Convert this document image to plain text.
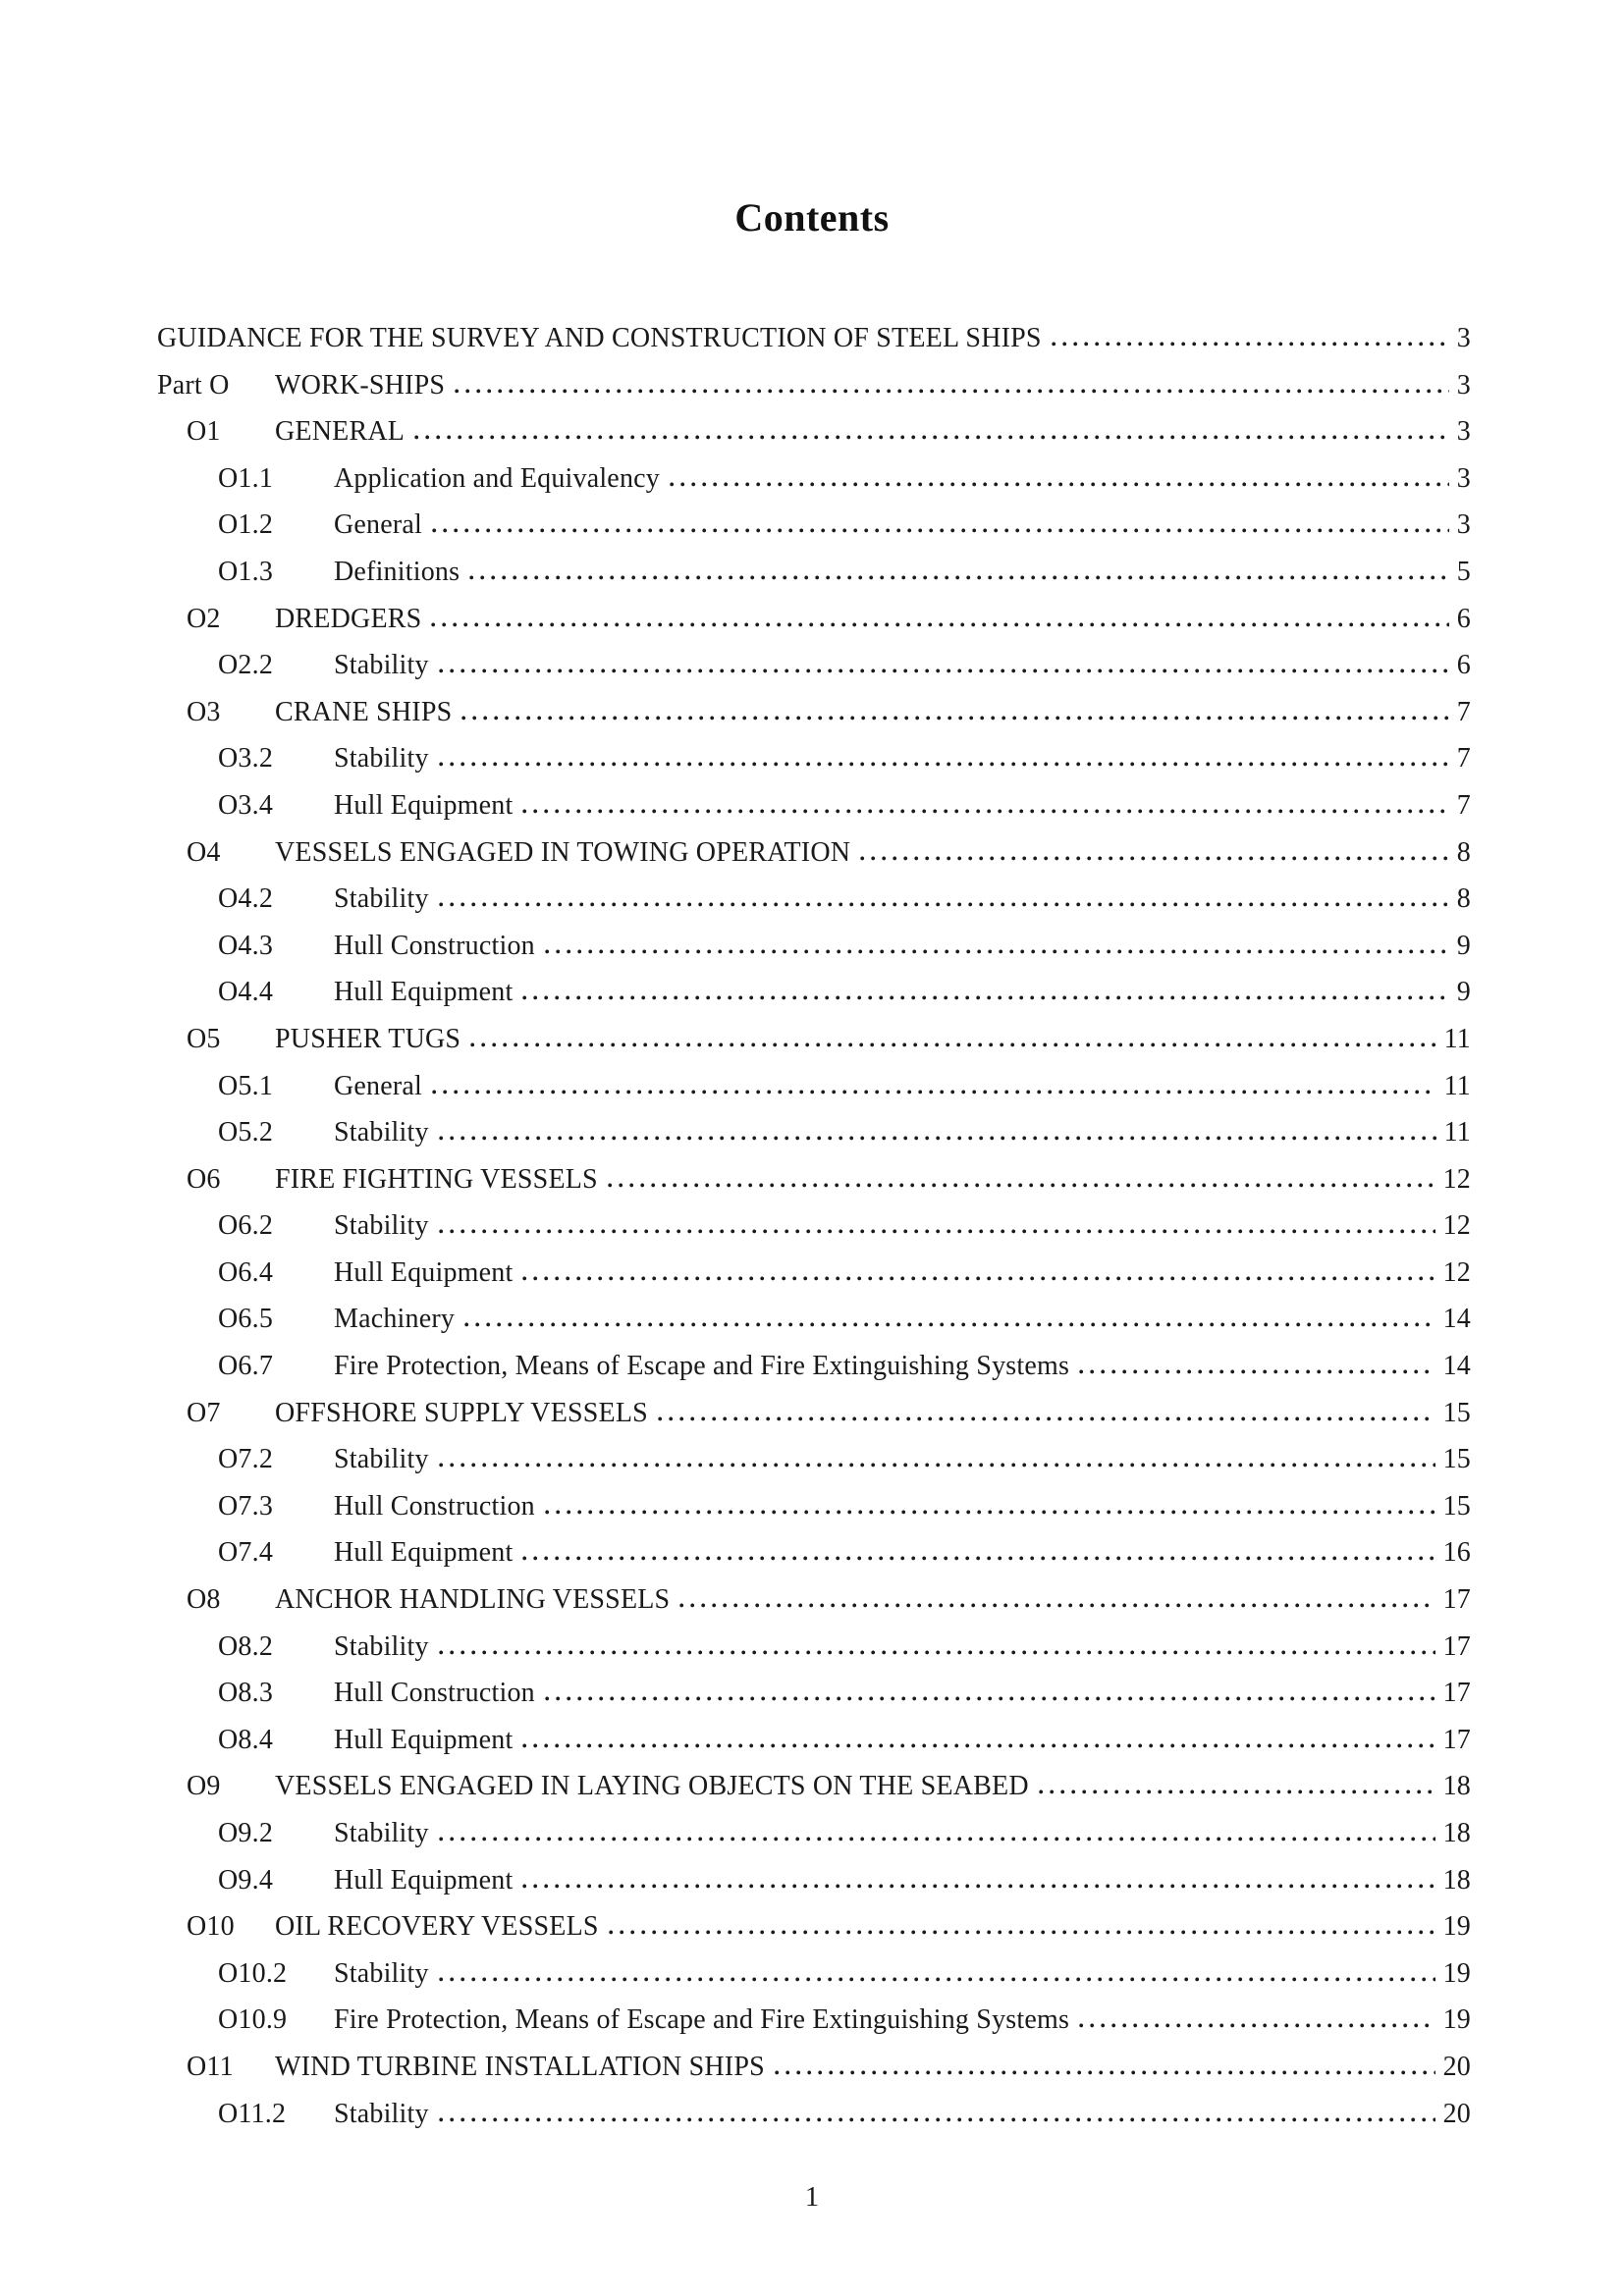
Contents
GUIDANCE FOR THE SURVEY AND CONSTRUCTION OF STEEL SHIPS	3
Part O	WORK-SHIPS	3
O1	GENERAL	3
O1.1	Application and Equivalency	3
O1.2	General	3
O1.3	Definitions	5
O2	DREDGERS	6
O2.2	Stability	6
O3	CRANE SHIPS	7
O3.2	Stability	7
O3.4	Hull Equipment	7
O4	VESSELS ENGAGED IN TOWING OPERATION	8
O4.2	Stability	8
O4.3	Hull Construction	9
O4.4	Hull Equipment	9
O5	PUSHER TUGS	11
O5.1	General	11
O5.2	Stability	11
O6	FIRE FIGHTING VESSELS	12
O6.2	Stability	12
O6.4	Hull Equipment	12
O6.5	Machinery	14
O6.7	Fire Protection, Means of Escape and Fire Extinguishing Systems	14
O7	OFFSHORE SUPPLY VESSELS	15
O7.2	Stability	15
O7.3	Hull Construction	15
O7.4	Hull Equipment	16
O8	ANCHOR HANDLING VESSELS	17
O8.2	Stability	17
O8.3	Hull Construction	17
O8.4	Hull Equipment	17
O9	VESSELS ENGAGED IN LAYING OBJECTS ON THE SEABED	18
O9.2	Stability	18
O9.4	Hull Equipment	18
O10	OIL RECOVERY VESSELS	19
O10.2	Stability	19
O10.9	Fire Protection, Means of Escape and Fire Extinguishing Systems	19
O11	WIND TURBINE INSTALLATION SHIPS	20
O11.2	Stability	20
1
